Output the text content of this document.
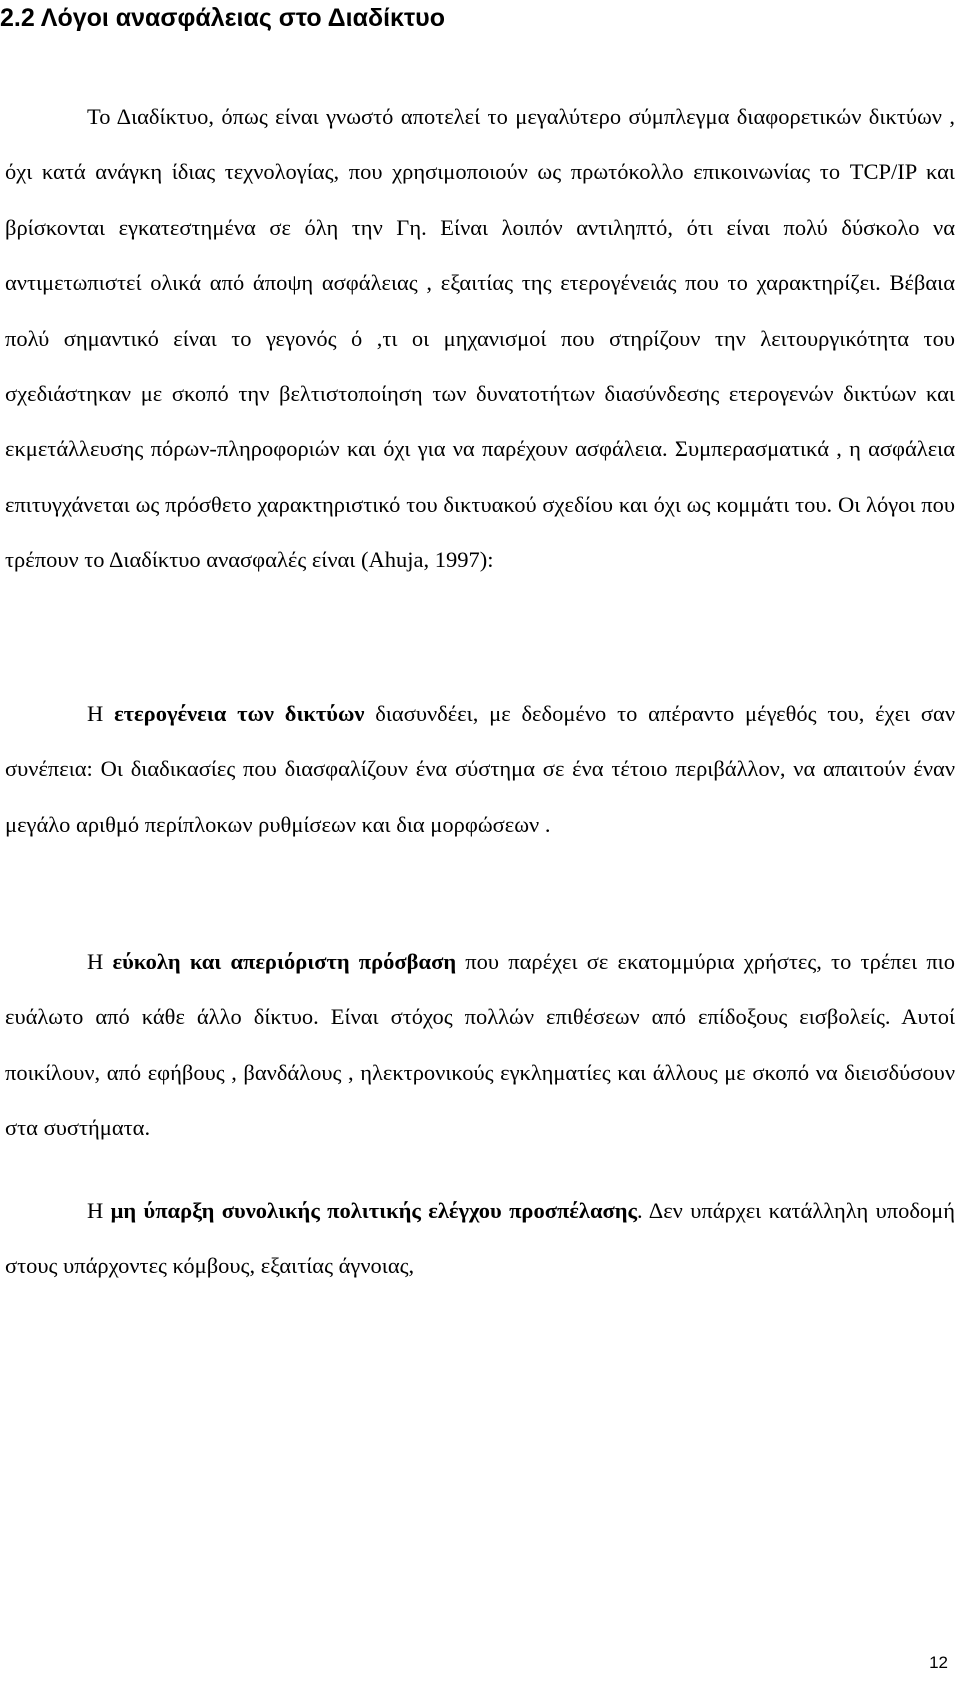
2.2 Λόγοι ανασφάλειας στο Διαδίκτυο

Το Διαδίκτυο, όπως είναι γνωστό αποτελεί το μεγαλύτερο σύμπλεγμα διαφορετικών δικτύων , όχι κατά ανάγκη ίδιας τεχνολογίας, που χρησιμοποιούν ως πρωτόκολλο επικοινωνίας το TCP/IP και βρίσκονται εγκατεστημένα σε όλη την Γη. Είναι λοιπόν αντιληπτό, ότι είναι πολύ δύσκολο να αντιμετωπιστεί ολικά από άποψη ασφάλειας , εξαιτίας της ετερογένειάς που το χαρακτηρίζει. Βέβαια πολύ σημαντικό είναι το γεγονός ό ,τι οι μηχανισμοί που στηρίζουν την λειτουργικότητα του σχεδιάστηκαν με σκοπό την βελτιστοποίηση των δυνατοτήτων διασύνδεσης ετερογενών δικτύων και εκμετάλλευσης πόρων-πληροφοριών και όχι για να παρέχουν ασφάλεια. Συμπερασματικά , η ασφάλεια επιτυγχάνεται ως πρόσθετο χαρακτηριστικό του δικτυακού σχεδίου και όχι ως κομμάτι του. Οι λόγοι που τρέπουν το Διαδίκτυο ανασφαλές είναι (Ahuja, 1997):

Η ετερογένεια των δικτύων διασυνδέει, με δεδομένο το απέραντο μέγεθός του, έχει σαν συνέπεια: Οι διαδικασίες που διασφαλίζουν ένα σύστημα σε ένα τέτοιο περιβάλλον, να απαιτούν έναν μεγάλο αριθμό περίπλοκων ρυθμίσεων και δια μορφώσεων .

Η εύκολη και απεριόριστη πρόσβαση που παρέχει σε εκατομμύρια χρήστες, το τρέπει πιο ευάλωτο από κάθε άλλο δίκτυο. Είναι στόχος πολλών επιθέσεων από επίδοξους εισβολείς. Αυτοί ποικίλουν, από εφήβους , βανδάλους , ηλεκτρονικούς εγκληματίες και άλλους με σκοπό να διεισδύσουν στα συστήματα.

Η μη ύπαρξη συνολικής πολιτικής ελέγχου προσπέλασης. Δεν υπάρχει κατάλληλη υποδομή στους υπάρχοντες κόμβους, εξαιτίας άγνοιας,

12
